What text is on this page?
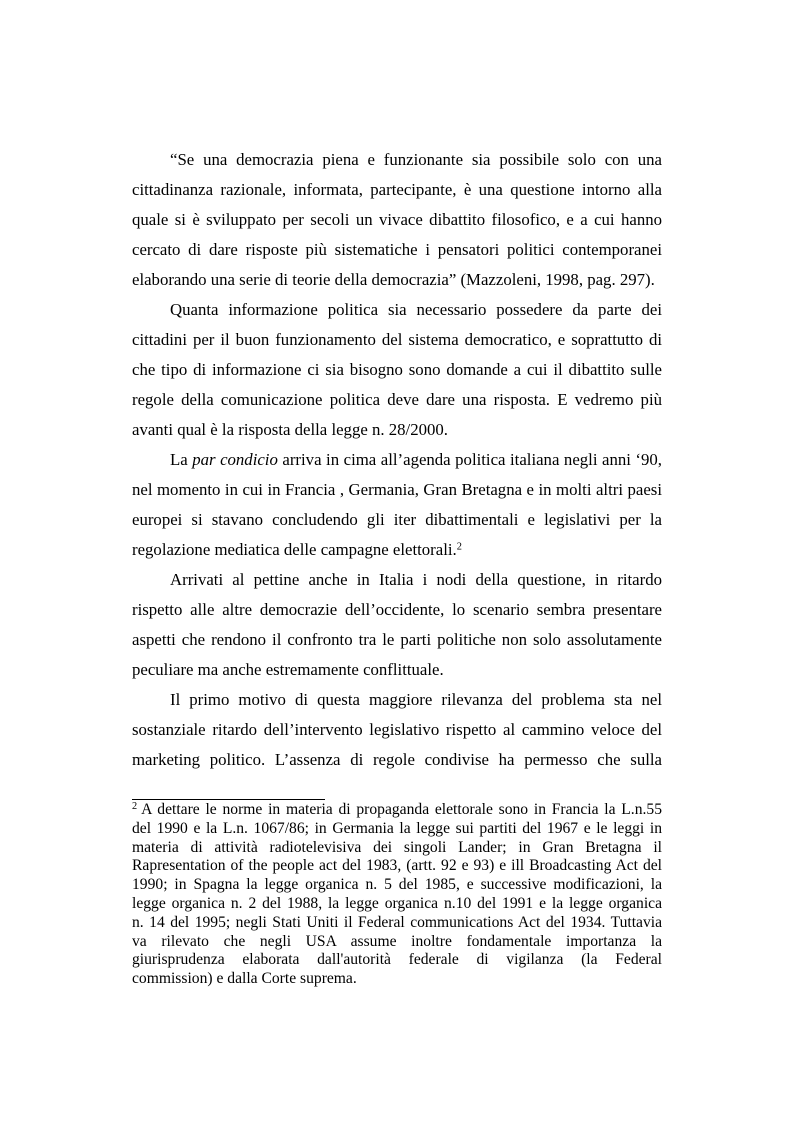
“Se una democrazia piena e funzionante sia possibile solo con una
cittadinanza razionale, informata, partecipante, è una questione intorno alla
quale si è sviluppato per secoli un vivace dibattito filosofico, e a cui hanno
cercato di dare risposte più sistematiche i pensatori politici contemporanei
elaborando una serie di teorie della democrazia” (Mazzoleni, 1998, pag. 297).
Quanta informazione politica sia necessario possedere da parte dei
cittadini per il buon funzionamento del sistema democratico, e soprattutto di
che tipo di informazione ci sia bisogno sono domande a cui il dibattito sulle
regole della comunicazione politica deve dare una risposta. E vedremo più
avanti qual è la risposta della legge n. 28/2000.
La par condicio arriva in cima all’agenda politica italiana negli anni ‘90,
nel momento in cui in Francia , Germania, Gran Bretagna e in molti altri paesi
europei si stavano concludendo gli iter dibattimentali e legislativi per la
regolazione mediatica delle campagne elettorali.$^2$
Arrivati al pettine anche in Italia i nodi della questione, in ritardo
rispetto alle altre democrazie dell’occidente, lo scenario sembra presentare
aspetti che rendono il confronto tra le parti politiche non solo assolutamente
peculiare ma anche estremamente conflittuale.
Il primo motivo di questa maggiore rilevanza del problema sta nel
sostanziale ritardo dell’intervento legislativo rispetto al cammino veloce del
marketing politico. L’assenza di regole condivise ha permesso che sulla
$^2$ A dettare le norme in materia di propaganda elettorale sono in Francia la L.n.55
del 1990 e la L.n. 1067/86; in Germania la legge sui partiti del 1967 e le leggi in
materia di attività radiotelevisiva dei singoli Lander; in Gran Bretagna il
Rapresentation of the people act del 1983, (artt. 92 e 93) e ill Broadcasting Act del
1990; in Spagna la legge organica n. 5 del 1985, e successive modificazioni, la
legge organica n. 2 del 1988, la legge organica n.10 del 1991 e la legge organica
n. 14 del 1995; negli Stati Uniti il Federal communications Act del 1934. Tuttavia
va rilevato che negli USA assume inoltre fondamentale importanza la
giurisprudenza elaborata dall'autorità federale di vigilanza (la Federal
commission) e dalla Corte suprema.
